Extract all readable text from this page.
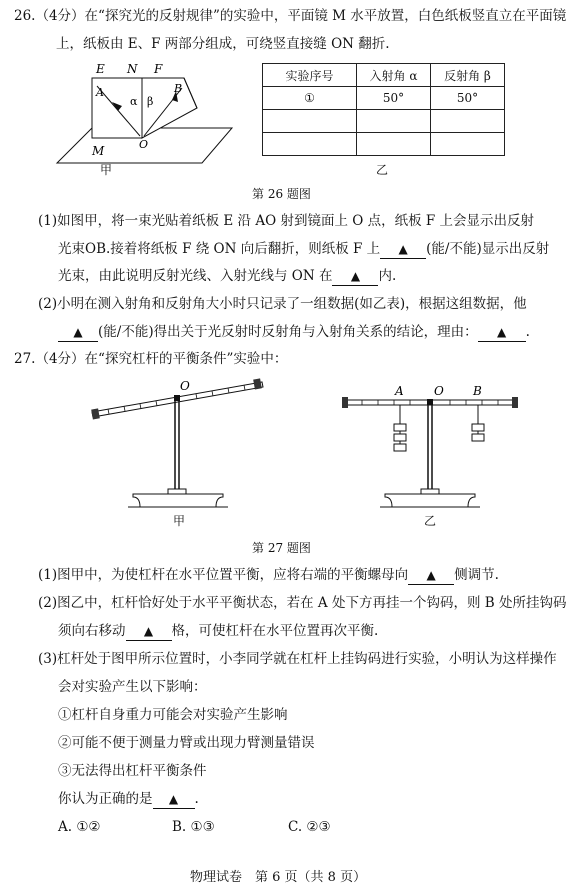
26.（4分）在“探究光的反射规律”的实验中，平面镜 M 水平放置，白色纸板竖直立在平面镜
上，纸板由 E、F 两部分组成，可绕竖直接缝 ON 翻折.
E N F
A	B
α β
O
M
甲
实验序号	入射角 α	反射角 β
①	50°	50°

乙
第 26 题图
(1)如图甲，将一束光贴着纸板 E 沿 AO 射到镜面上 O 点，纸板 F 上会显示出反射
光束OB.接着将纸板 F 绕 ON 向后翻折，则纸板 F 上 ▲ (能/不能)显示出反射
光束，由此说明反射光线、入射光线与 ON 在 ▲ 内.
(2)小明在测入射角和反射角大小时只记录了一组数据(如乙表)，根据这组数据，他
▲ (能/不能)得出关于光反射时反射角与入射角关系的结论，理由： ▲ .
27.（4分）在“探究杠杆的平衡条件”实验中：
O
甲
A	O B
乙
第 27 题图
(1)图甲中，为使杠杆在水平位置平衡，应将右端的平衡螺母向 ▲ 侧调节.
(2)图乙中，杠杆恰好处于水平平衡状态，若在 A 处下方再挂一个钩码，则 B 处所挂钩码
须向右移动 ▲ 格，可使杠杆在水平位置再次平衡.
(3)杠杆处于图甲所示位置时，小李同学就在杠杆上挂钩码进行实验，小明认为这样操作
会对实验产生以下影响：
①杠杆自身重力可能会对实验产生影响
②可能不便于测量力臂或出现力臂测量错误
③无法得出杠杆平衡条件
你认为正确的是 ▲ .
A. ①②	B. ①③	C. ②③
物理试卷　第 6 页（共 8 页）
